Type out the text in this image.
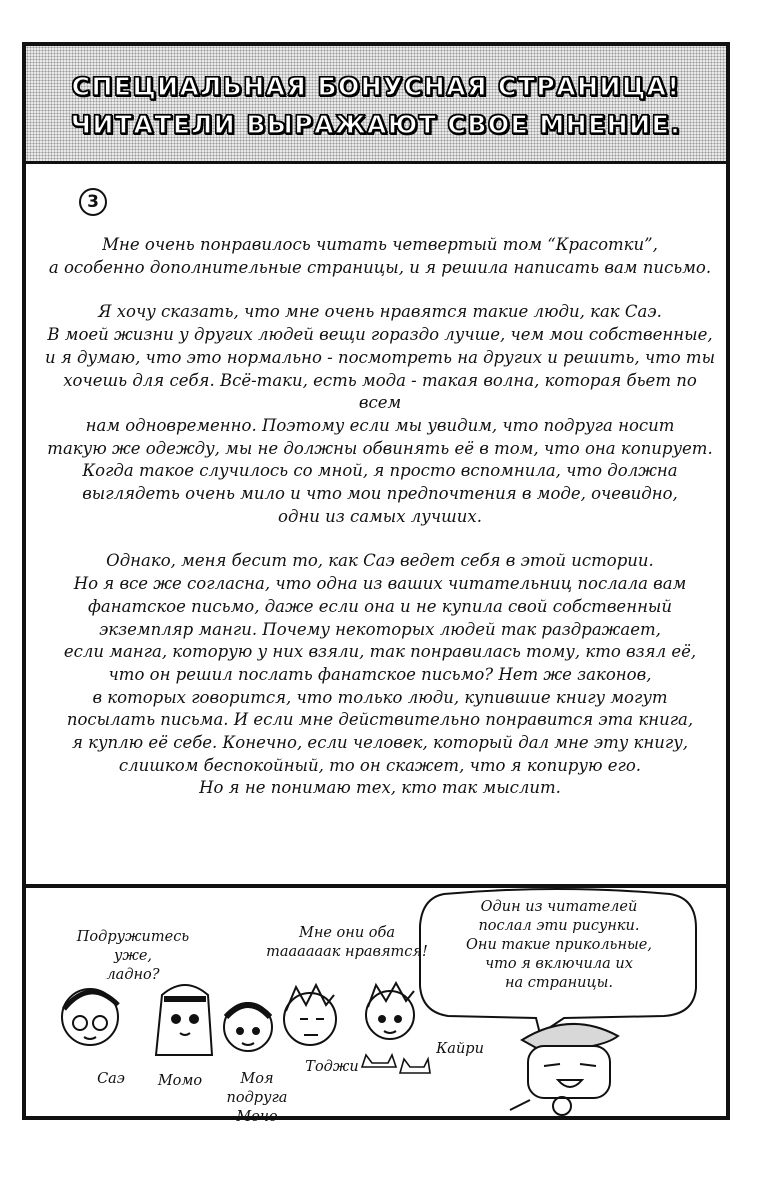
СПЕЦИАЛЬНАЯ БОНУСНАЯ СТРАНИЦА!
ЧИТАТЕЛИ ВЫРАЖАЮТ СВОЕ МНЕНИЕ.
3

Мне очень понравилось читать четвертый том “Красотки”,
а особенно дополнительные страницы, и я решила написать вам письмо.

Я хочу сказать, что мне очень нравятся такие люди, как Саэ.
В моей жизни у других людей вещи гораздо лучше, чем мои собственные,
и я думаю, что это нормально - посмотреть на других и решить, что ты
хочешь для себя. Всё-таки, есть мода - такая волна, которая бьет по всем
нам одновременно. Поэтому если мы увидим, что подруга носит
такую же одежду, мы не должны обвинять её в том, что она копирует.
Когда такое случилось со мной, я просто вспомнила, что должна
выглядеть очень мило и что мои предпочтения в моде, очевидно,
одни из самых лучших.

Однако, меня бесит то, как Саэ ведет себя в этой истории.
Но я все же согласна, что одна из ваших читательниц послала вам
фанатское письмо, даже если она и не купила свой собственный
экземпляр манги. Почему некоторых людей так раздражает,
если манга, которую у них взяли, так понравилась тому, кто взял её,
что он решил послать фанатское письмо? Нет же законов,
в которых говорится, что только люди, купившие книгу могут
посылать письма. И если мне действительно понравится эта книга,
я куплю её себе. Конечно, если человек, который дал мне эту книгу,
слишком беспокойный, то он скажет, что я копирую его.
Но я не понимаю тех, кто так мыслит.

Один из читателей
послал эти рисунки.
Они такие прикольные,
что я включила их
на страницы.
Подружитесь уже,
ладно?
Мне они оба
таааааак нравятся!
Саэ	Момо	Моя подруга
Мочо
Тоджи
Кайри
